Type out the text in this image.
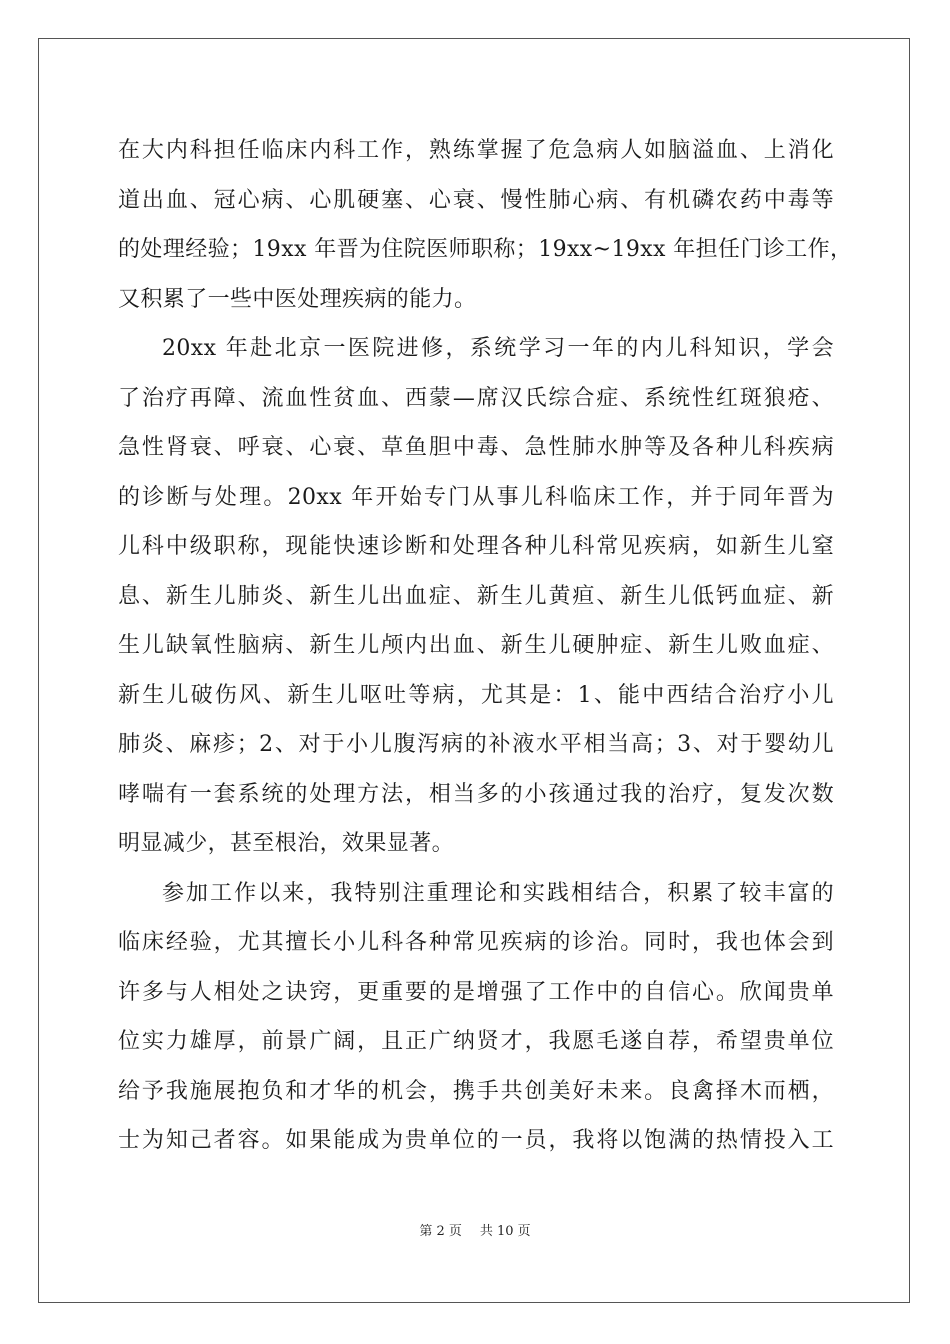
在大内科担任临床内科工作，熟练掌握了危急病人如脑溢血、上消化
道出血、冠心病、心肌硬塞、心衰、慢性肺心病、有机磷农药中毒等
的处理经验；19xx 年晋为住院医师职称；19xx~19xx 年担任门诊工作，
又积累了一些中医处理疾病的能力。
20xx 年赴北京一医院进修，系统学习一年的内儿科知识，学会
了治疗再障、流血性贫血、西蒙—席汉氏综合症、系统性红斑狼疮、
急性肾衰、呼衰、心衰、草鱼胆中毒、急性肺水肿等及各种儿科疾病
的诊断与处理。20xx 年开始专门从事儿科临床工作，并于同年晋为
儿科中级职称，现能快速诊断和处理各种儿科常见疾病，如新生儿窒
息、新生儿肺炎、新生儿出血症、新生儿黄疸、新生儿低钙血症、新
生儿缺氧性脑病、新生儿颅内出血、新生儿硬肿症、新生儿败血症、
新生儿破伤风、新生儿呕吐等病，尤其是：1、能中西结合治疗小儿
肺炎、麻疹；2、对于小儿腹泻病的补液水平相当高；3、对于婴幼儿
哮喘有一套系统的处理方法，相当多的小孩通过我的治疗，复发次数
明显减少，甚至根治，效果显著。
参加工作以来，我特别注重理论和实践相结合，积累了较丰富的
临床经验，尤其擅长小儿科各种常见疾病的诊治。同时，我也体会到
许多与人相处之诀窍，更重要的是增强了工作中的自信心。欣闻贵单
位实力雄厚，前景广阔，且正广纳贤才，我愿毛遂自荐，希望贵单位
给予我施展抱负和才华的机会，携手共创美好未来。良禽择木而栖，
士为知己者容。如果能成为贵单位的一员，我将以饱满的热情投入工
第 2 页 共 10 页
